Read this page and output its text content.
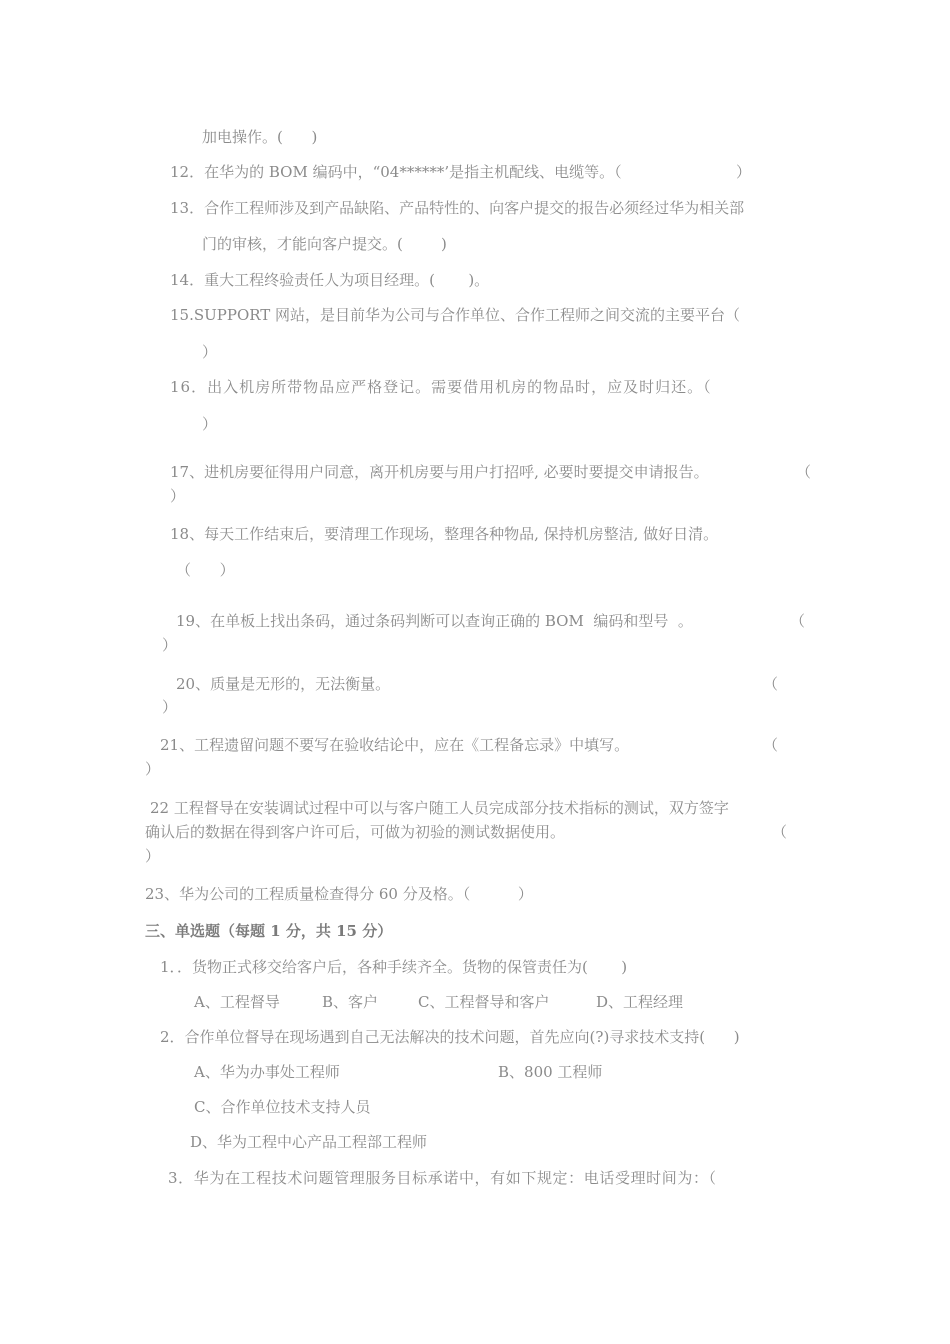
加电操作。(      )
12．在华为的 BOM 编码中，“04******’是指主机配线、电缆等。（                        ）
13．合作工程师涉及到产品缺陷、产品特性的、向客户提交的报告必须经过华为相关部
门的审核，才能向客户提交。(        )
14．重大工程终验责任人为项目经理。(       )。
15.SUPPORT 网站，是目前华为公司与合作单位、合作工程师之间交流的主要平台（
）
16．出入机房所带物品应严格登记。需要借用机房的物品时，应及时归还。（
）
17、进机房要征得用户同意，离开机房要与用户打招呼, 必要时要提交申请报告。	（
）
18、每天工作结束后，要清理工作现场，整理各种物品, 保持机房整洁, 做好日清。
（      ）
19、在单板上找出条码，通过条码判断可以查询正确的 BOM  编码和型号  。	（
）
20、质量是无形的，无法衡量。	（
）
21、工程遗留问题不要写在验收结论中，应在《工程备忘录》中填写。	（
）
22 工程督导在安装调试过程中可以与客户随工人员完成部分技术指标的测试，双方签字
确认后的数据在得到客户许可后，可做为初验的测试数据使用。	（
）
23、华为公司的工程质量检查得分 60 分及格。（          ）
三、单选题（每题 1 分，共 15 分）
1．．货物正式移交给客户后，各种手续齐全。货物的保管责任为(       )
A、工程督导	B、客户	C、工程督导和客户	D、工程经理
2．合作单位督导在现场遇到自己无法解决的技术问题，首先应向(?)寻求技术支持(      )
A、华为办事处工程师	B、800 工程师
C、合作单位技术支持人员
D、华为工程中心产品工程部工程师
3．华为在工程技术问题管理服务目标承诺中，有如下规定：电话受理时间为：（
